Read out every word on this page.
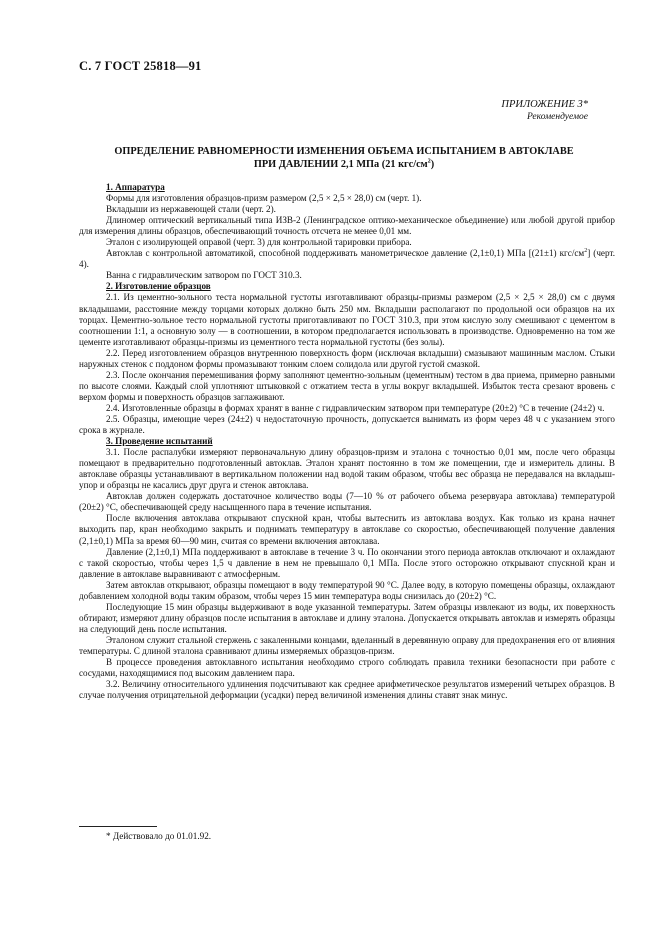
С. 7 ГОСТ 25818—91
ПРИЛОЖЕНИЕ 3*
Рекомендуемое
ОПРЕДЕЛЕНИЕ РАВНОМЕРНОСТИ ИЗМЕНЕНИЯ ОБЪЕМА ИСПЫТАНИЕМ В АВТОКЛАВЕ
ПРИ ДАВЛЕНИИ 2,1 МПа (21 кгс/$см^2$)

1. Аппаратура

Формы для изготовления образцов-призм размером (2,5 × 2,5 × 28,0) см (черт. 1).

Вкладыши из нержавеющей стали (черт. 2).

Длиномер оптический вертикальный типа ИЗВ-2 (Ленинградское оптико-механическое объединение) или любой другой прибор для измерения длины образцов, обеспечивающий точность отсчета не менее 0,01 мм.

Эталон с изолирующей оправой (черт. 3) для контрольной тарировки прибора.

Автоклав с контрольной автоматикой, способной поддерживать манометрическое давление (2,1±0,1) МПа [(21±1) кгс/$см^2$] (черт. 4).

Ванна с гидравлическим затвором по ГОСТ 310.3.

2. Изготовление образцов

2.1. Из цементно-зольного теста нормальной густоты изготавливают образцы-призмы размером (2,5 × 2,5 × 28,0) см с двумя вкладышами, расстояние между торцами которых должно быть 250 мм. Вкладыши располагают по продольной оси образцов на их торцах. Цементно-зольное тесто нормальной густоты приготавливают по ГОСТ 310.3, при этом кислую золу смешивают с цементом в соотношении 1:1, а основную золу — в соотношении, в котором предполагается использовать в производстве. Одновременно на том же цементе изготавливают образцы-призмы из цементного теста нормальной густоты (без золы).

2.2. Перед изготовлением образцов внутреннюю поверхность форм (исключая вкладыши) смазывают машинным маслом. Стыки наружных стенок с поддоном формы промазывают тонким слоем солидола или другой густой смазкой.

2.3. После окончания перемешивания форму заполняют цементно-зольным (цементным) тестом в два приема, примерно равными по высоте слоями. Каждый слой уплотняют штыковкой с отжатием теста в углы вокруг вкладышей. Избыток теста срезают вровень с верхом формы и поверхность образцов заглаживают.

2.4. Изготовленные образцы в формах хранят в ванне с гидравлическим затвором при температуре (20±2) °С в течение (24±2) ч.

2.5. Образцы, имеющие через (24±2) ч недостаточную прочность, допускается вынимать из форм через 48 ч с указанием этого срока в журнале.

3. Проведение испытаний

3.1. После распалубки измеряют первоначальную длину образцов-призм и эталона с точностью 0,01 мм, после чего образцы помещают в предварительно подготовленный автоклав. Эталон хранят постоянно в том же помещении, где и измеритель длины. В автоклаве образцы устанавливают в вертикальном положении над водой таким образом, чтобы вес образца не передавался на вкладыш-упор и образцы не касались друг друга и стенок автоклава.

Автоклав должен содержать достаточное количество воды (7—10 % от рабочего объема резервуара автоклава) температурой (20±2) °С, обеспечивающей среду насыщенного пара в течение испытания.

После включения автоклава открывают спускной кран, чтобы вытеснить из автоклава воздух. Как только из крана начнет выходить пар, кран необходимо закрыть и поднимать температуру в автоклаве со скоростью, обеспечивающей получение давления (2,1±0,1) МПа за время 60—90 мин, считая со времени включения автоклава.

Давление (2,1±0,1) МПа поддерживают в автоклаве в течение 3 ч. По окончании этого периода автоклав отключают и охлаждают с такой скоростью, чтобы через 1,5 ч давление в нем не превышало 0,1 МПа. После этого осторожно открывают спускной кран и давление в автоклаве выравнивают с атмосферным.

Затем автоклав открывают, образцы помещают в воду температурой 90 °С. Далее воду, в которую помещены образцы, охлаждают добавлением холодной воды таким образом, чтобы через 15 мин температура воды снизилась до (20±2) °С.

Последующие 15 мин образцы выдерживают в воде указанной температуры. Затем образцы извлекают из воды, их поверхность обтирают, измеряют длину образцов после испытания в автоклаве и длину эталона. Допускается открывать автоклав и измерять образцы на следующий день после испытания.

Эталоном служит стальной стержень с закаленными концами, вделанный в деревянную оправу для предохранения его от влияния температуры. С длиной эталона сравнивают длины измеряемых образцов-призм.

В процессе проведения автоклавного испытания необходимо строго соблюдать правила техники безопасности при работе с сосудами, находящимися под высоким давлением пара.

3.2. Величину относительного удлинения подсчитывают как среднее арифметическое результатов измерений четырех образцов. В случае получения отрицательной деформации (усадки) перед величиной изменения длины ставят знак минус.

* Действовало до 01.01.92.
